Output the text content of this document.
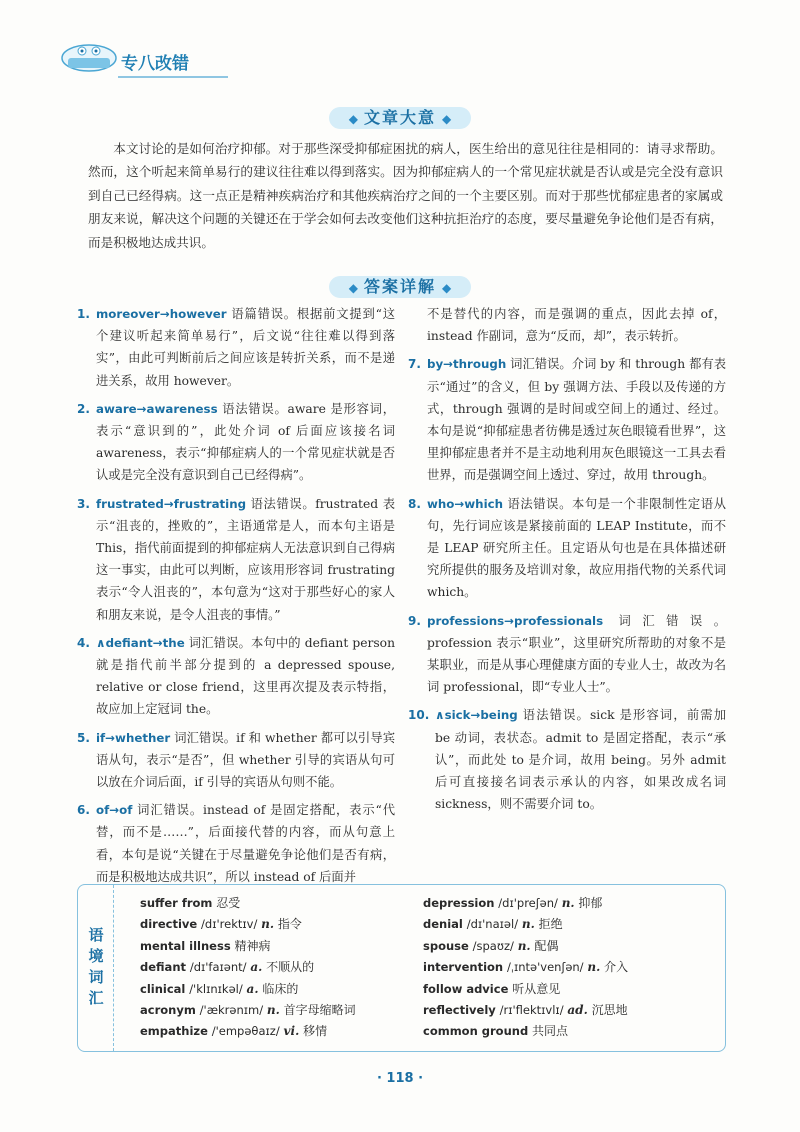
专八改错
◆ 文章大意 ◆

本文讨论的是如何治疗抑郁。对于那些深受抑郁症困扰的病人，医生给出的意见往往是相同的：请寻求帮助。然而，这个听起来简单易行的建议往往难以得到落实。因为抑郁症病人的一个常见症状就是否认或是完全没有意识到自己已经得病。这一点正是精神疾病治疗和其他疾病治疗之间的一个主要区别。而对于那些忧郁症患者的家属或朋友来说，解决这个问题的关键还在于学会如何去改变他们这种抗拒治疗的态度，要尽量避免争论他们是否有病，而是积极地达成共识。

◆ 答案详解 ◆
1. moreover→however 语篇错误。根据前文提到“这个建议听起来简单易行”，后文说“往往难以得到落实”，由此可判断前后之间应该是转折关系，而不是递进关系，故用 however。
2. aware→awareness 语法错误。aware 是形容词，表示“意识到的”，此处介词 of 后面应该接名词 awareness，表示“抑郁症病人的一个常见症状就是否认或是完全没有意识到自己已经得病”。
3. frustrated→frustrating 语法错误。frustrated 表示“沮丧的，挫败的”，主语通常是人，而本句主语是 This，指代前面提到的抑郁症病人无法意识到自己得病这一事实，由此可以判断，应该用形容词 frustrating 表示“令人沮丧的”，本句意为“这对于那些好心的家人和朋友来说，是令人沮丧的事情。”
4. ∧defiant→the 词汇错误。本句中的 defiant person 就是指代前半部分提到的 a depressed spouse, relative or close friend，这里再次提及表示特指，故应加上定冠词 the。
5. if→whether 词汇错误。if 和 whether 都可以引导宾语从句，表示“是否”，但 whether 引导的宾语从句可以放在介词后面，if 引导的宾语从句则不能。
6. of→of 词汇错误。instead of 是固定搭配，表示“代替，而不是……”，后面接代替的内容，而从句意上看，本句是说“关键在于尽量避免争论他们是否有病，而是积极地达成共识”，所以 instead of 后面并
不是替代的内容，而是强调的重点，因此去掉 of，instead 作副词，意为“反而，却”，表示转折。
7. by→through 词汇错误。介词 by 和 through 都有表示“通过”的含义，但 by 强调方法、手段以及传递的方式，through 强调的是时间或空间上的通过、经过。本句是说“抑郁症患者彷佛是透过灰色眼镜看世界”，这里抑郁症患者并不是主动地利用灰色眼镜这一工具去看世界，而是强调空间上透过、穿过，故用 through。
8. who→which 语法错误。本句是一个非限制性定语从句，先行词应该是紧接前面的 LEAP Institute，而不是 LEAP 研究所主任。且定语从句也是在具体描述研究所提供的服务及培训对象，故应用指代物的关系代词 which。
9. professions→professionals 词汇错误。profession 表示“职业”，这里研究所帮助的对象不是某职业，而是从事心理健康方面的专业人士，故改为名词 professional，即“专业人士”。
10. ∧sick→being 语法错误。sick 是形容词，前需加 be 动词，表状态。admit to 是固定搭配，表示“承认”，而此处 to 是介词，故用 being。另外 admit 后可直接接名词表示承认的内容，如果改成名词 sickness，则不需要介词 to。
语境词汇
suffer from 忍受
directive /dɪ'rektɪv/ n. 指令
mental illness 精神病
defiant /dɪ'faɪənt/ a. 不顺从的
clinical /'klɪnɪkəl/ a. 临床的
acronym /'ækrənɪm/ n. 首字母缩略词
empathize /'empəθaɪz/ vi. 移情
depression /dɪ'preʃən/ n. 抑郁
denial /dɪ'naɪəl/ n. 拒绝
spouse /spaʊz/ n. 配偶
intervention /ˌɪntə'venʃən/ n. 介入
follow advice 听从意见
reflectively /rɪ'flektɪvlɪ/ ad. 沉思地
common ground 共同点
· 118 ·
